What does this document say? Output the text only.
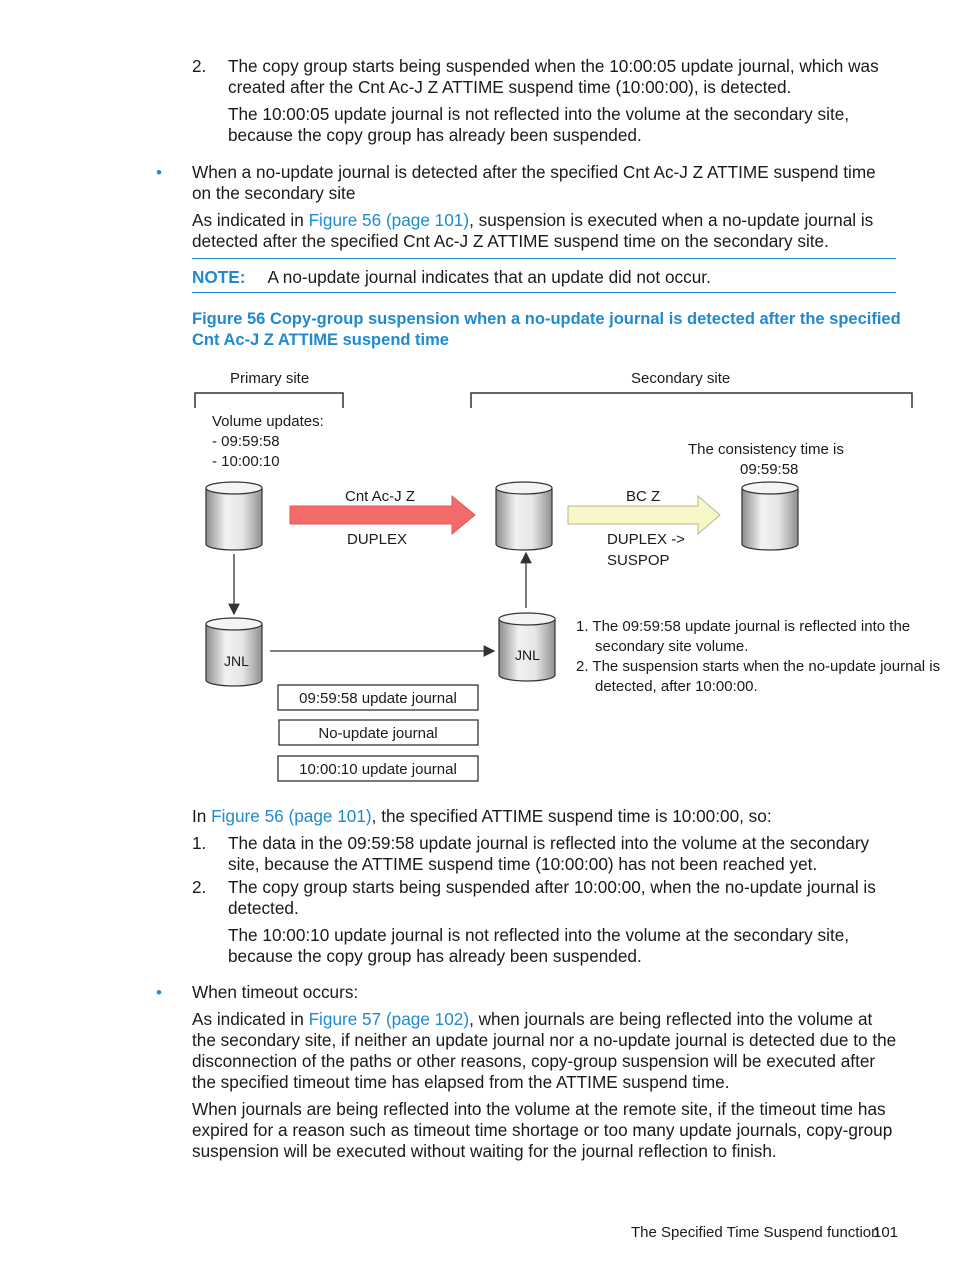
2. The copy group starts being suspended when the 10:00:05 update journal, which was created after the Cnt Ac-J Z ATTIME suspend time (10:00:00), is detected.

The 10:00:05 update journal is not reflected into the volume at the secondary site, because the copy group has already been suspended.

• When a no-update journal is detected after the specified Cnt Ac-J Z ATTIME suspend time on the secondary site

As indicated in Figure 56 (page 101), suspension is executed when a no-update journal is detected after the specified Cnt Ac-J Z ATTIME suspend time on the secondary site.

NOTE: A no-update journal indicates that an update did not occur.

Figure 56 Copy-group suspension when a no-update journal is detected after the specified Cnt Ac-J Z ATTIME suspend time

Primary site	Secondary site
Volume updates:
- 09:59:58
- 10:00:10
The consistency time is
09:59:58
Cnt Ac-J Z
DUPLEX
BC Z
DUPLEX ->
SUSPOP
JNL	JNL
1. The 09:59:58 update journal is reflected into the
secondary site volume.
2. The suspension starts when the no-update journal is
detected, after 10:00:00.
09:59:58 update journal
No-update journal
10:00:10 update journal

In Figure 56 (page 101), the specified ATTIME suspend time is 10:00:00, so:

1. The data in the 09:59:58 update journal is reflected into the volume at the secondary site, because the ATTIME suspend time (10:00:00) has not been reached yet.

2. The copy group starts being suspended after 10:00:00, when the no-update journal is detected.

The 10:00:10 update journal is not reflected into the volume at the secondary site, because the copy group has already been suspended.

• When timeout occurs:

As indicated in Figure 57 (page 102), when journals are being reflected into the volume at the secondary site, if neither an update journal nor a no-update journal is detected due to the disconnection of the paths or other reasons, copy-group suspension will be executed after the specified timeout time has elapsed from the ATTIME suspend time.

When journals are being reflected into the volume at the remote site, if the timeout time has expired for a reason such as timeout time shortage or too many update journals, copy-group suspension will be executed without waiting for the journal reflection to finish.

The Specified Time Suspend function
101
